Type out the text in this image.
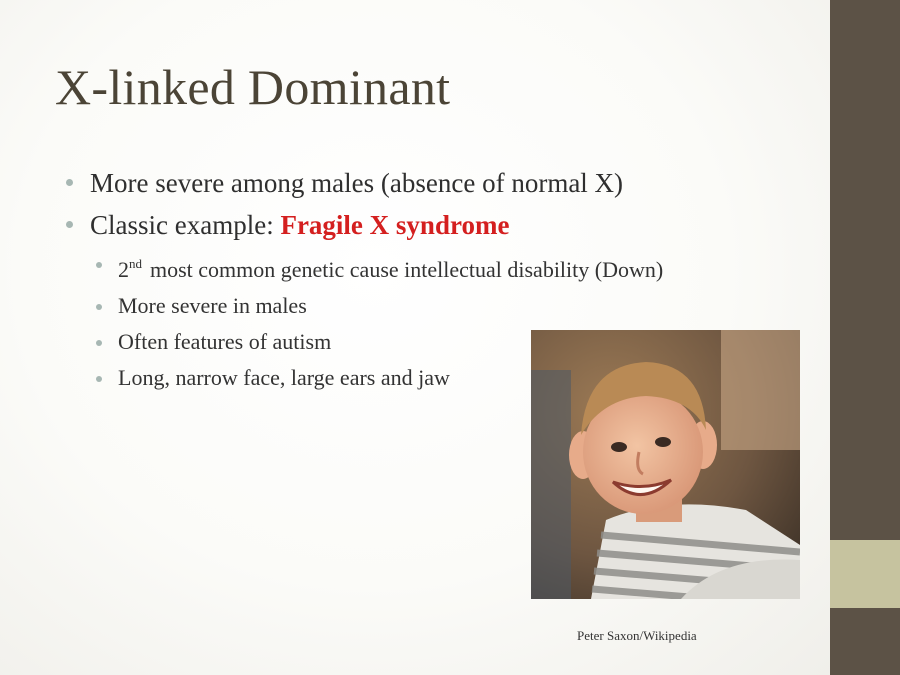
X-linked Dominant
More severe among males (absence of normal X)
Classic example: Fragile X syndrome
2nd most common genetic cause intellectual disability (Down)
More severe in males
Often features of autism
Long, narrow face, large ears and jaw
Peter Saxon/Wikipedia
